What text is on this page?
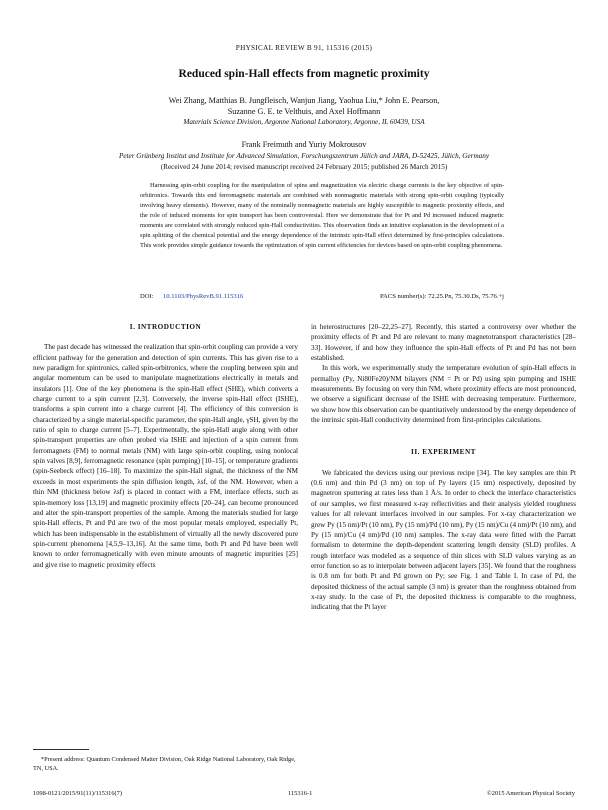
PHYSICAL REVIEW B 91, 115316 (2015)
Reduced spin-Hall effects from magnetic proximity
Wei Zhang, Matthias B. Jungfleisch, Wanjun Jiang, Yaohua Liu,* John E. Pearson,
Suzanne G. E. te Velthuis, and Axel Hoffmann
Materials Science Division, Argonne National Laboratory, Argonne, IL 60439, USA
Frank Freimuth and Yuriy Mokrousov
Peter Grünberg Institut and Institute for Advanced Simulation, Forschungszentrum Jülich and JARA, D-52425, Jülich, Germany
(Received 24 June 2014; revised manuscript received 24 February 2015; published 26 March 2015)
Harnessing spin-orbit coupling for the manipulation of spins and magnetization via electric charge currents is the key objective of spin-orbitronics. Towards this end ferromagnetic materials are combined with nonmagnetic materials with strong spin-orbit coupling (typically involving heavy elements). However, many of the nominally nonmagnetic materials are highly susceptible to magnetic proximity effects, and the role of induced moments for spin transport has been controversial. Here we demonstrate that for Pt and Pd increased induced magnetic moments are correlated with strongly reduced spin-Hall conductivities. This observation finds an intuitive explanation in the development of a spin splitting of the chemical potential and the energy dependence of the intrinsic spin-Hall effect determined by first-principles calculations. This work provides simple guidance towards the optimization of spin current efficiencies for devices based on spin-orbit coupling phenomena.
DOI: 10.1103/PhysRevB.91.115316	PACS number(s): 72.25.Pn, 75.30.Ds, 75.76.+j
I. INTRODUCTION

The past decade has witnessed the realization that spin-orbit coupling can provide a very efficient pathway for the generation and detection of spin currents. This has given rise to a new paradigm for spintronics, called spin-orbitronics, where the coupling between spin and angular momentum can be used to manipulate magnetizations electrically in metals and insulators [1]. One of the key phenomena is the spin-Hall effect (SHE), which converts a charge current to a spin current [2,3]. Conversely, the inverse spin-Hall effect (ISHE), transforms a spin current into a charge current [4]. The efficiency of this conversion is characterized by a single material-specific parameter, the spin-Hall angle, γSH, given by the ratio of spin to charge current [5–7]. Experimentally, the spin-Hall angle along with other spin-transport properties are often probed via ISHE and injection of a spin current from ferromagnets (FM) to normal metals (NM) with large spin-orbit coupling, using nonlocal spin valves [8,9], ferromagnetic resonance (spin pumping) [10–15], or temperature gradients (spin-Seebeck effect) [16–18]. To maximize the spin-Hall signal, the thickness of the NM exceeds in most experiments the spin diffusion length, λsf, of the NM. However, when a thin NM (thickness below λsf) is placed in contact with a FM, interface effects, such as spin-memory loss [13,19] and magnetic proximity effects [20–24], can become pronounced and alter the spin-transport properties of the sample. Among the materials studied for large spin-Hall effects, Pt and Pd are two of the most popular metals employed, especially Pt, which has been indispensable in the establishment of virtually all the newly discovered pure spin-current phenomena [4,5,9–13,16]. At the same time, both Pt and Pd have been well known to order ferromagnetically with even minute amounts of magnetic impurities [25] and give rise to magnetic proximity effects

in heterostructures [20–22,25–27]. Recently, this started a controversy over whether the proximity effects of Pt and Pd are relevant to many magnetotransport characteristics [28–33]. However, if and how they influence the spin-Hall effects of Pt and Pd has not been established.

In this work, we experimentally study the temperature evolution of spin-Hall effects in permalloy (Py, Ni80Fe20)/NM bilayers (NM = Pt or Pd) using spin pumping and ISHE measurements. By focusing on very thin NM, where proximity effects are most pronounced, we observe a significant decrease of the ISHE with decreasing temperature. Furthermore, we show how this observation can be quantitatively understood by the energy dependence of the intrinsic spin-Hall conductivity determined from first-principles calculations.

II. EXPERIMENT

We fabricated the devices using our previous recipe [34]. The key samples are thin Pt (0.6 nm) and thin Pd (3 nm) on top of Py layers (15 nm) respectively, deposited by magnetron sputtering at rates less than 1 Å/s. In order to check the interface characteristics of our samples, we first measured x-ray reflectivities and their analysis yielded roughness values for all relevant interfaces involved in our samples. For x-ray characterization we grew Py (15 nm)/Pt (10 nm), Py (15 nm)/Pd (10 nm), Py (15 nm)/Cu (4 nm)/Pt (10 nm), and Py (15 nm)/Cu (4 nm)/Pd (10 nm) samples. The x-ray data were fitted with the Parratt formalism to determine the depth-dependent scattering length density (SLD) profiles. A rough interface was modeled as a sequence of thin slices with SLD values varying as an error function so as to interpolate between adjacent layers [35]. We found that the roughness is 0.8 nm for both Pt and Pd grown on Py; see Fig. 1 and Table I. In case of Pd, the deposited thickness of the actual sample (3 nm) is greater than the roughness obtained from x-ray study. In the case of Pt, the deposited thickness is comparable to the roughness, indicating that the Pt layer

*Present address: Quantum Condensed Matter Division, Oak Ridge National Laboratory, Oak Ridge, TN, USA.
1098-0121/2015/91(11)/115316(7)	115316-1	©2015 American Physical Society
